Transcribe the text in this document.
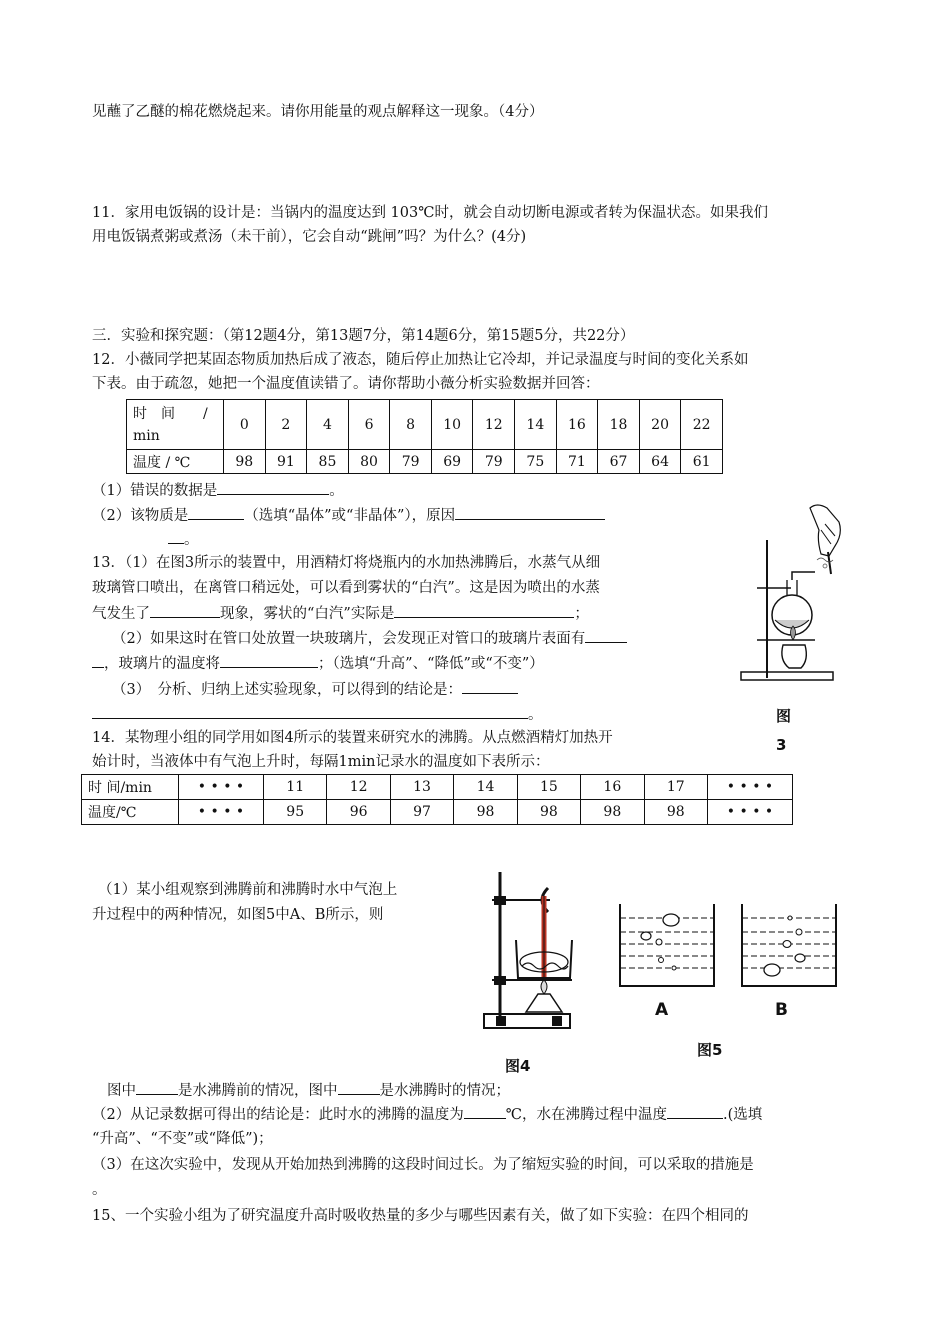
见蘸了乙醚的棉花燃烧起来。请你用能量的观点解释这一现象。（4分）
11．家用电饭锅的设计是：当锅内的温度达到 103℃时，就会自动切断电源或者转为保温状态。如果我们
用电饭锅煮粥或煮汤（未干前），它会自动“跳闸”吗？为什么？(4分)
三．实验和探究题：（第12题4分，第13题7分，第14题6分，第15题5分，共22分）
12．小薇同学把某固态物质加热后成了液态，随后停止加热让它冷却，并记录温度与时间的变化关系如
下表。由于疏忽，她把一个温度值读错了。请你帮助小薇分析实验数据并回答：
时　间　　/
min	0	2	4	6	8	10	12	14	16	18	20	22
温度 / ℃	98	91	85	80	79	69	79	75	71	67	64	61
（1）错误的数据是	。
（2）该物质是	（选填“晶体”或“非晶体”），原因
。
13．（1）在图3所示的装置中，用酒精灯将烧瓶内的水加热沸腾后，水蒸气从细
玻璃管口喷出，在离管口稍远处，可以看到雾状的“白汽”。这是因为喷出的水蒸
气发生了	现象，雾状的“白汽”实际是	；
（2）如果这时在管口处放置一块玻璃片，会发现正对管口的玻璃片表面有
，玻璃片的温度将	；（选填“升高”、“降低”或“不变”）
（3）　分析、归纳上述实验现象，可以得到的结论是：
。	图
3
14．某物理小组的同学用如图4所示的装置来研究水的沸腾。从点燃酒精灯加热开
始计时，当液体中有气泡上升时，每隔1min记录水的温度如下表所示：
时 间/min	• • • •	11	12	13	14	15	16	17	• • • •
温度/℃	• • • •	95	96	97	98	98	98	98	• • • •
（1）某小组观察到沸腾前和沸腾时水中气泡上
升过程中的两种情况，如图5中A、B所示，则
图4
A	B
图5
图中	是水沸腾前的情况，图中	是水沸腾时的情况；
（2）从记录数据可得出的结论是：此时水的沸腾的温度为	℃，水在沸腾过程中温度	.(选填
“升高”、“不变”或“降低”)；
（3）在这次实验中，发现从开始加热到沸腾的这段时间过长。为了缩短实验的时间，可以采取的措施是
。
15、一个实验小组为了研究温度升高时吸收热量的多少与哪些因素有关，做了如下实验：在四个相同的
